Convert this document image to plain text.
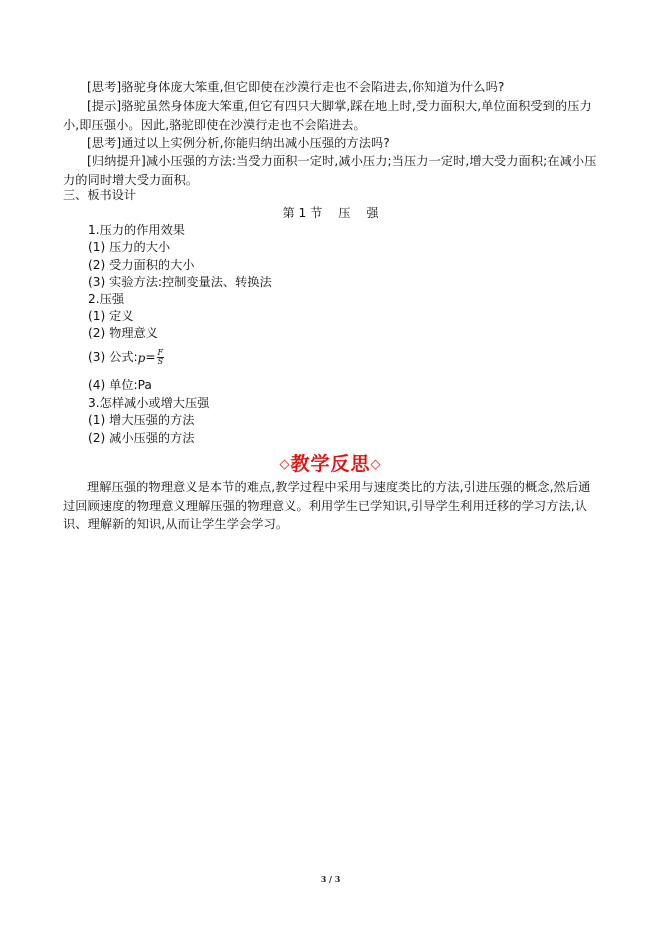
[思考]骆驼身体庞大笨重,但它即使在沙漠行走也不会陷进去,你知道为什么吗?

[提示]骆驼虽然身体庞大笨重,但它有四只大脚掌,踩在地上时,受力面积大,单位面积受到的压力小,即压强小。因此,骆驼即使在沙漠行走也不会陷进去。

[思考]通过以上实例分析,你能归纳出减小压强的方法吗?

[归纳提升]减小压强的方法:当受力面积一定时,减小压力;当压力一定时,增大受力面积;在减小压力的同时增大受力面积。

三、板书设计
第 1 节 压 强
1.压力的作用效果
(1) 压力的大小
(2) 受力面积的大小
(3) 实验方法:控制变量法、转换法
2.压强
(1) 定义
(2) 物理意义
(3) 公式:p= $\frac{F}{S}$
(4) 单位:Pa
3.怎样减小或增大压强
(1) 增大压强的方法
(2) 减小压强的方法
◇教学反思◇

理解压强的物理意义是本节的难点,教学过程中采用与速度类比的方法,引进压强的概念,然后通过回顾速度的物理意义理解压强的物理意义。利用学生已学知识,引导学生利用迁移的学习方法,认识、理解新的知识,从而让学生学会学习。

3 / 3
